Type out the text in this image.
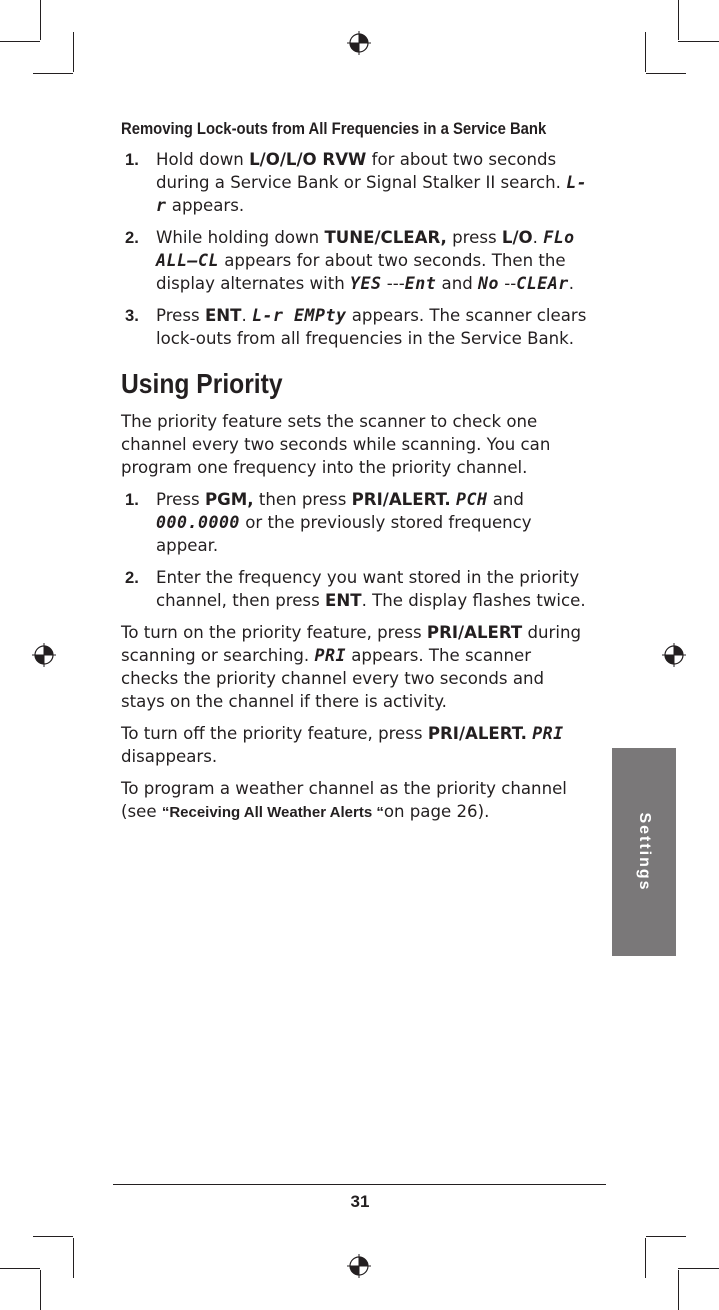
Removing Lock-outs from All Frequencies in a Service Bank
1. Hold down L/O/L/O RVW for about two seconds during a Service Bank or Signal Stalker II search. L-r appears.
2. While holding down TUNE/CLEAR, press L/O. FLo ALL–CL appears for about two seconds. Then the display alternates with YES ---Ent and No --CLEAr.
3. Press ENT. L-r EMPty appears. The scanner clears lock-outs from all frequencies in the Service Bank.
Using Priority
The priority feature sets the scanner to check one channel every two seconds while scanning. You can program one frequency into the priority channel.
1. Press PGM, then press PRI/ALERT. PCH and 000.0000 or the previously stored frequency appear.
2. Enter the frequency you want stored in the priority channel, then press ENT. The display flashes twice.
To turn on the priority feature, press PRI/ALERT during scanning or searching. PRI appears. The scanner checks the priority channel every two seconds and stays on the channel if there is activity.
To turn off the priority feature, press PRI/ALERT. PRI disappears.
To program a weather channel as the priority channel (see “Receiving All Weather Alerts “on page 26).
Settings
31
